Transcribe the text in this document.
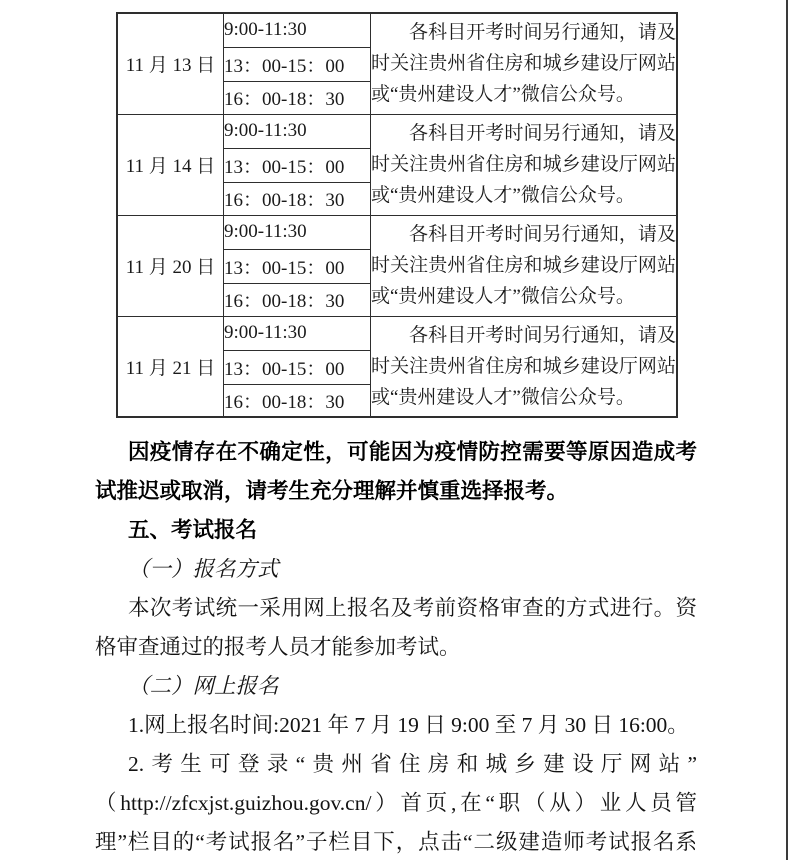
11 月 13 日	9:00-11:30	各科目开考时间另行通知，请及时关注贵州省住房和城乡建设厅网站或“贵州建设人才”微信公众号。
	13：00-15：00	
	16：00-18：30	
11 月 14 日	9:00-11:30	各科目开考时间另行通知，请及时关注贵州省住房和城乡建设厅网站或“贵州建设人才”微信公众号。
	13：00-15：00	
	16：00-18：30	
11 月 20 日	9:00-11:30	各科目开考时间另行通知，请及时关注贵州省住房和城乡建设厅网站或“贵州建设人才”微信公众号。
	13：00-15：00	
	16：00-18：30	
11 月 21 日	9:00-11:30	各科目开考时间另行通知，请及时关注贵州省住房和城乡建设厅网站或“贵州建设人才”微信公众号。
	13：00-15：00	
	16：00-18：30	
因疫情存在不确定性，可能因为疫情防控需要等原因造成考
试推迟或取消，请考生充分理解并慎重选择报考。
五、考试报名
（一）报名方式
本次考试统一采用网上报名及考前资格审查的方式进行。资
格审查通过的报考人员才能参加考试。
（二）网上报名
1.网上报名时间:2021 年 7 月 19 日 9:00 至 7 月 30 日 16:00。
2.考生可登录“贵州省住房和城乡建设厅网站”
（http://zfcxjst.guizhou.gov.cn/）首页,在“职（从）业人员管
理”栏目的“考试报名”子栏目下，点击“二级建造师考试报名系
